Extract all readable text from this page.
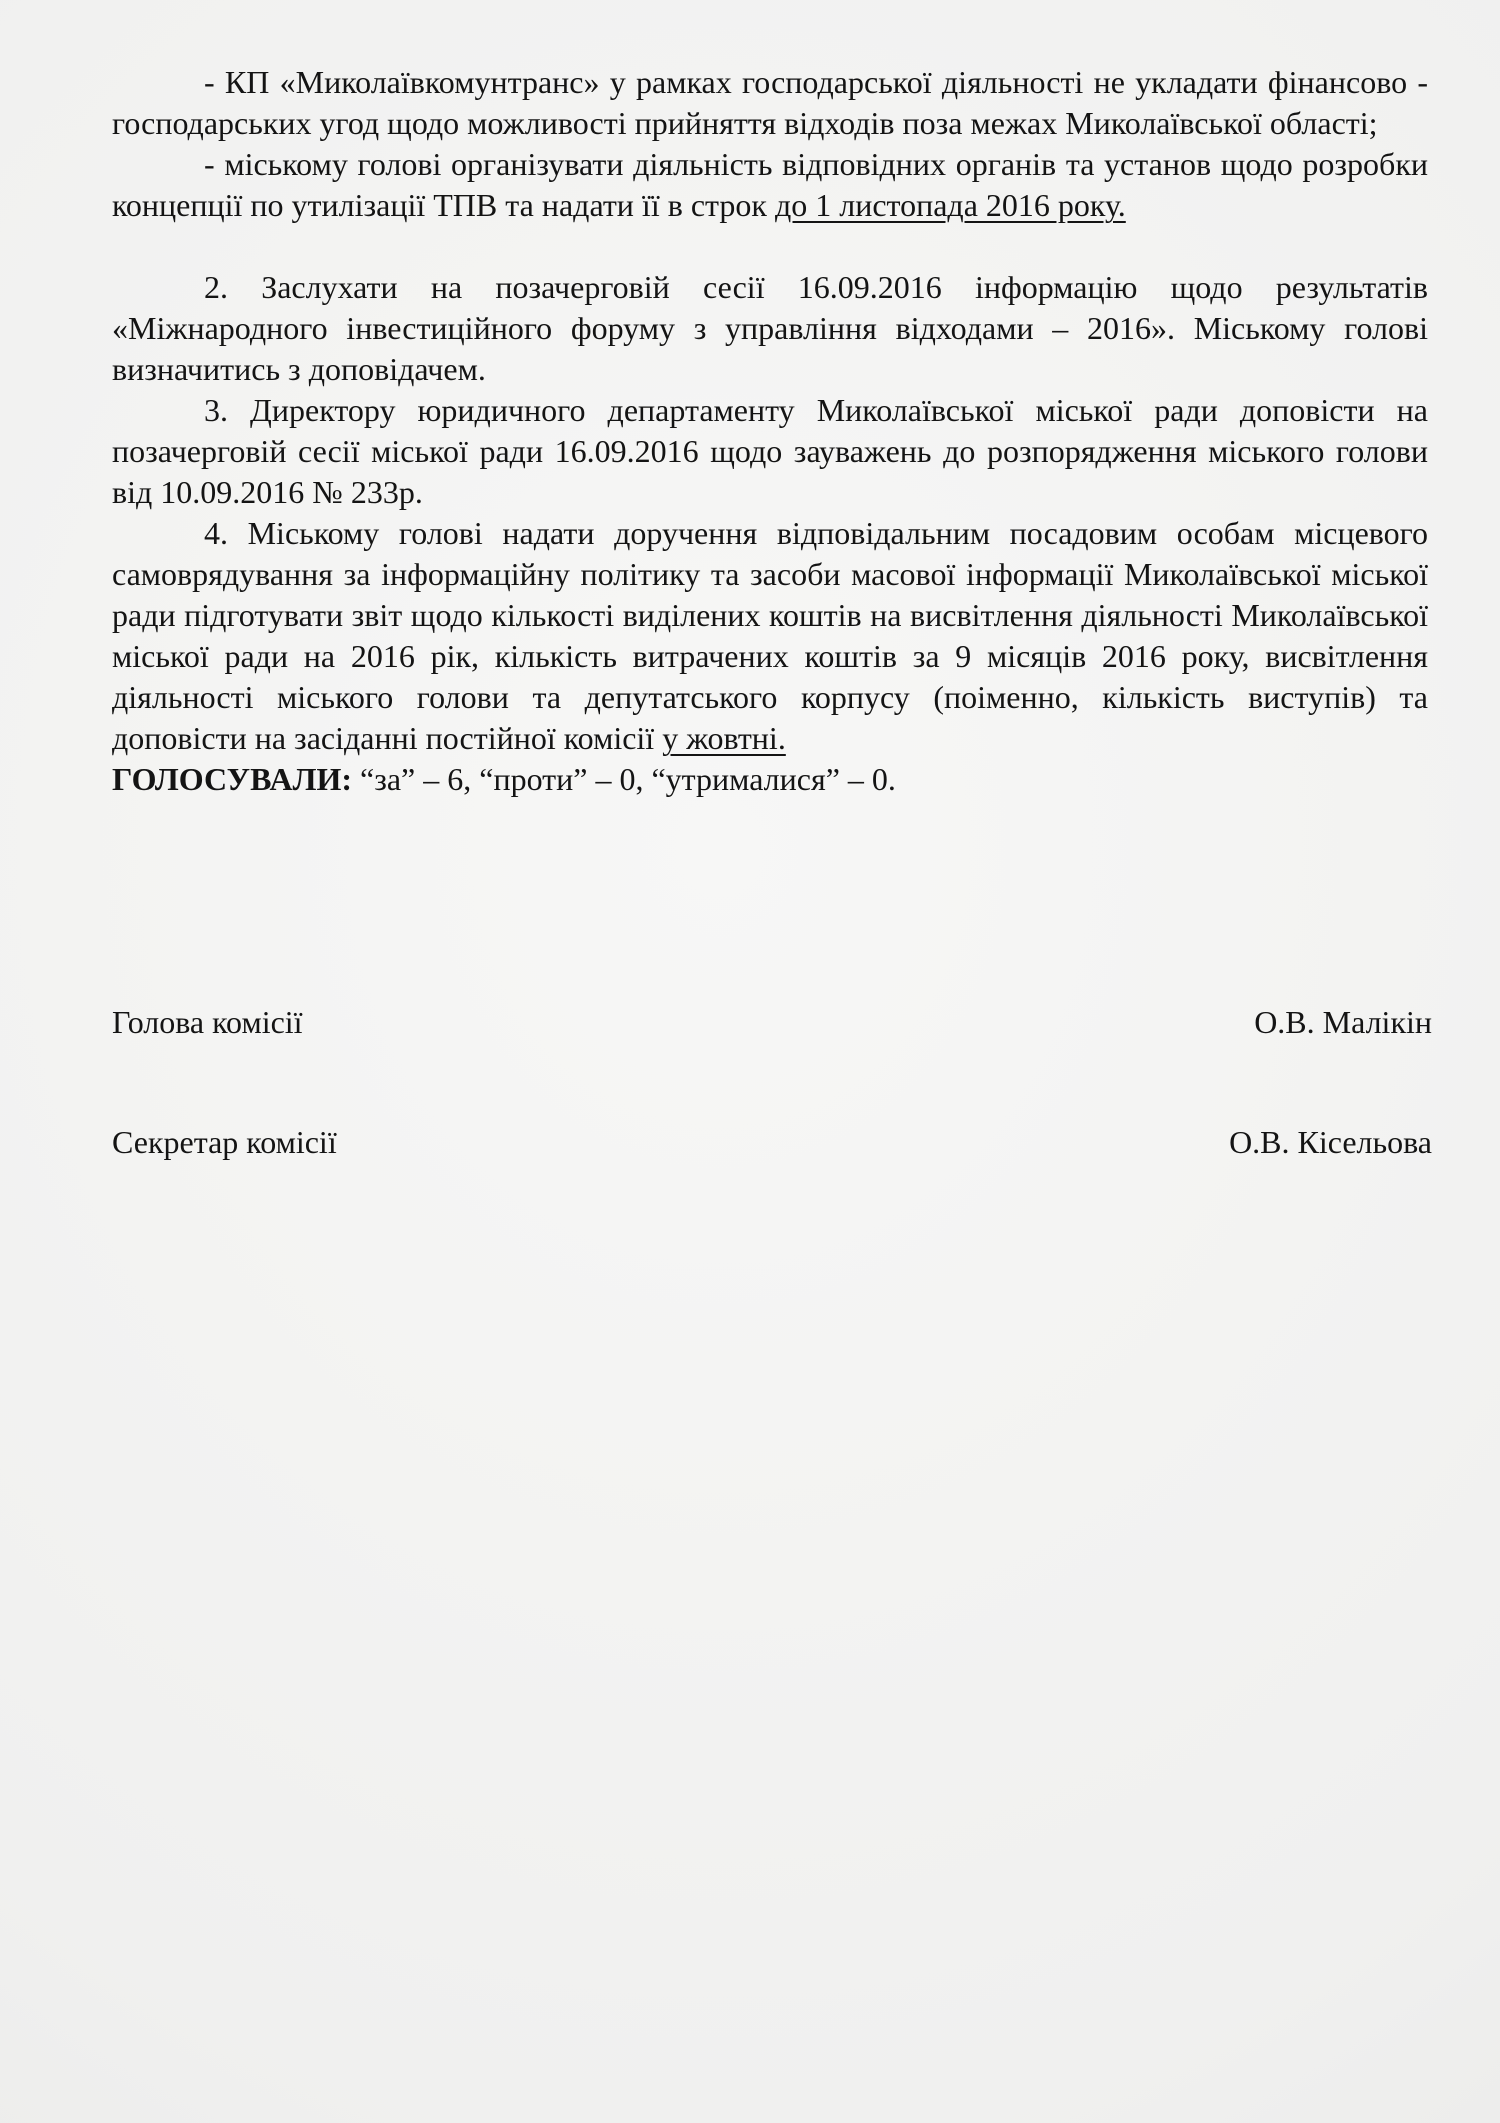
- КП «Миколаївкомунтранс» у рамках господарської діяльності не укладати фінансово - господарських угод щодо можливості прийняття відходів поза межах Миколаївської області;

- міському голові організувати діяльність відповідних органів та установ щодо розробки концепції по утилізації ТПВ та надати її в строк до 1 листопада 2016 року.

2. Заслухати на позачерговій сесії 16.09.2016 інформацію щодо результатів «Міжнародного інвестиційного форуму з управління відходами – 2016». Міському голові визначитись з доповідачем.

3. Директору юридичного департаменту Миколаївської міської ради доповісти на позачерговій сесії міської ради 16.09.2016 щодо зауважень до розпорядження міського голови від 10.09.2016 № 233р.

4. Міському голові надати доручення відповідальним посадовим особам місцевого самоврядування за інформаційну політику та засоби масової інформації Миколаївської міської ради підготувати звіт щодо кількості виділених коштів на висвітлення діяльності Миколаївської міської ради на 2016 рік, кількість витрачених коштів за 9 місяців 2016 року, висвітлення діяльності міського голови та депутатського корпусу (поіменно, кількість виступів) та доповісти на засіданні постійної комісії у жовтні.

ГОЛОСУВАЛИ: “за” – 6, “проти” – 0, “утрималися” – 0.

Голова комісії	О.В. Малікін
Секретар комісії	О.В. Кісельова
